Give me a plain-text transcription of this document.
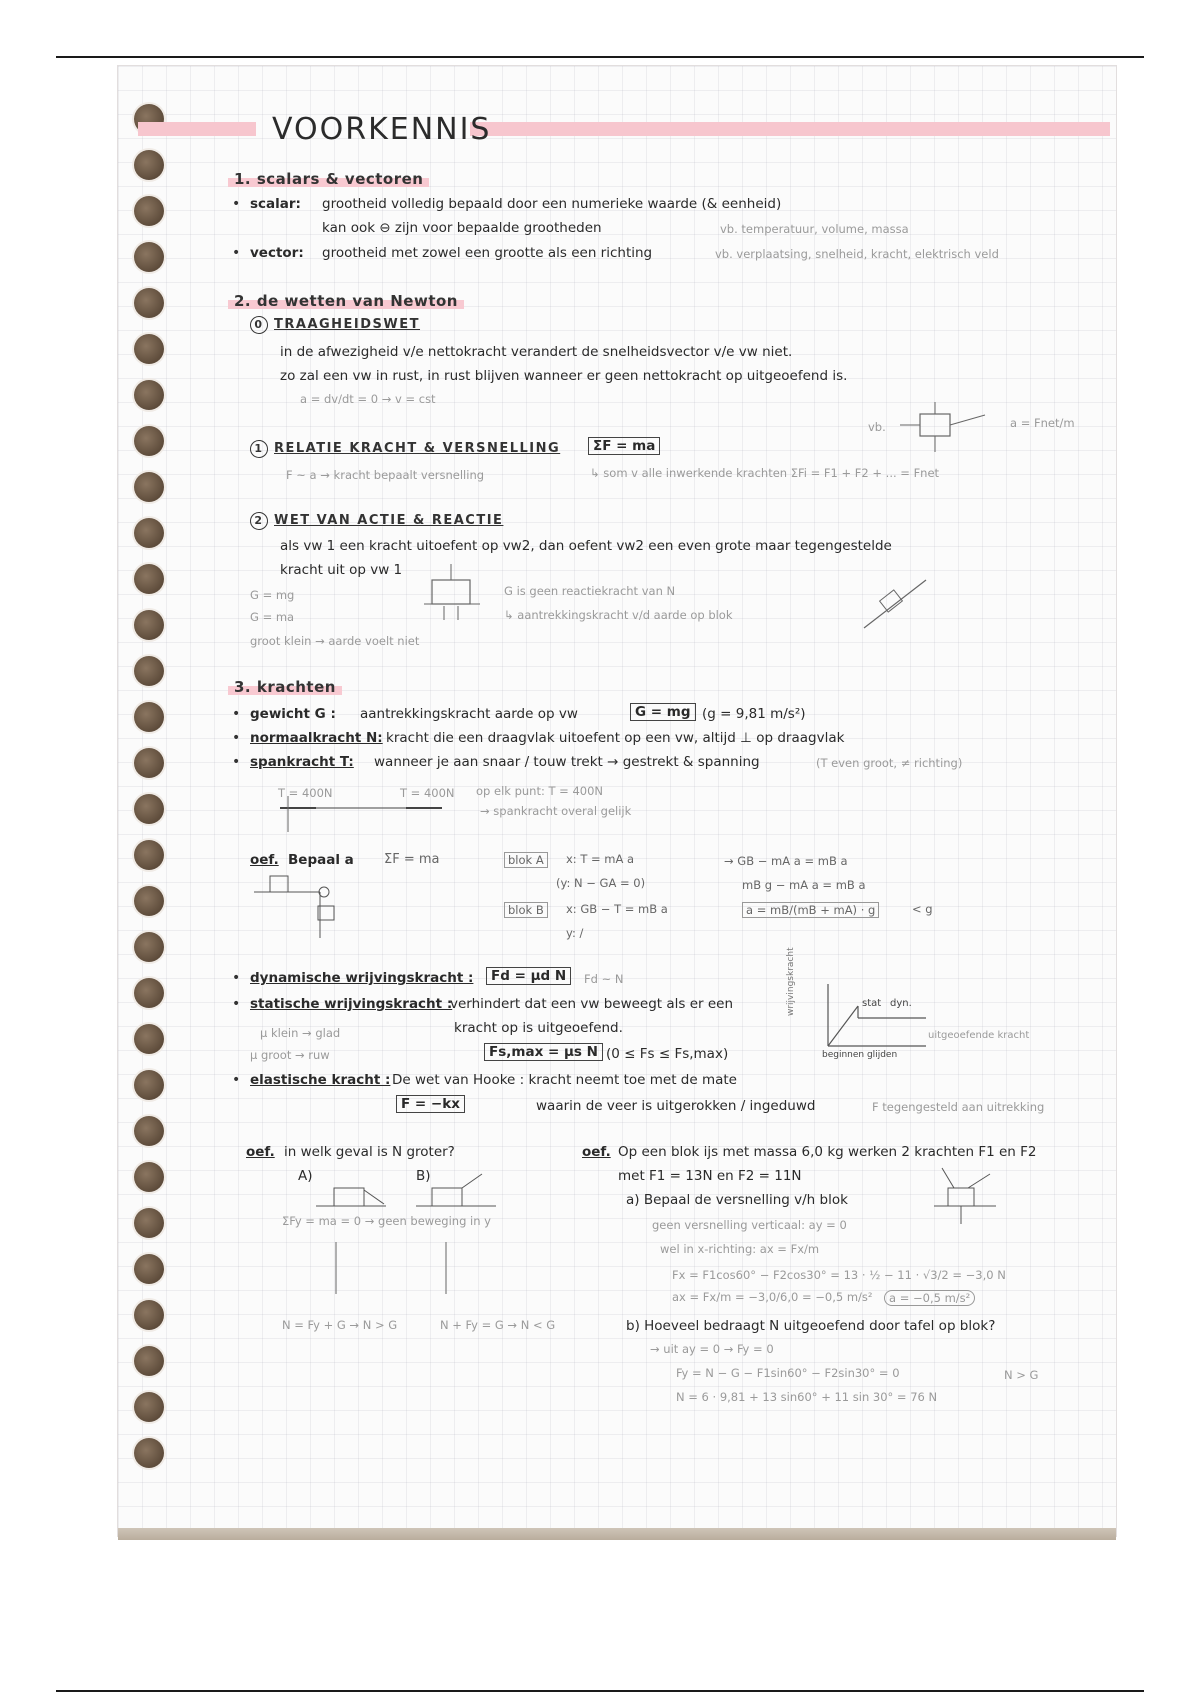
VOORKENNIS
1. scalars & vectoren
• scalar: grootheid volledig bepaald door een numerieke waarde (& eenheid)
kan ook ⊖ zijn voor bepaalde grootheden	vb. temperatuur, volume, massa
• vector: grootheid met zowel een grootte als een richting	vb. verplaatsing, snelheid, kracht, elektrisch veld
2. de wetten van Newton
0 TRAAGHEIDSWET
in de afwezigheid v/e nettokracht verandert de snelheidsvector v/e vw niet.
zo zal een vw in rust, in rust blijven wanneer er geen nettokracht op uitgeoefend is.
a = dv/dt = 0 → v = cst
vb.	a = Fnet/m
1 RELATIE KRACHT & VERSNELLING	ΣF = ma
F ~ a → kracht bepaalt versnelling	↳ som v alle inwerkende krachten ΣFi = F1 + F2 + ... = Fnet
2 WET VAN ACTIE & REACTIE
als vw 1 een kracht uitoefent op vw2, dan oefent vw2 een even grote maar tegengestelde
kracht uit op vw 1
G = mg
G = ma
groot klein → aarde voelt niet
G is geen reactiekracht van N
↳ aantrekkingskracht v/d aarde op blok
3. krachten
• gewicht G : aantrekkingskracht aarde op vw	G = mg (g = 9,81 m/s²)
• normaalkracht N: kracht die een draagvlak uitoefent op een vw, altijd ⊥ op draagvlak
• spankracht T: wanneer je aan snaar / touw trekt → gestrekt & spanning	(T even groot, ≠ richting)
T = 400N	T = 400N op elk punt: T = 400N
→ spankracht overal gelijk
oef. Bepaal a ΣF = ma	blok A	x: T = mA a
(y: N − GA = 0)
blok B	x: GB − T = mB a
y: /
→ GB − mA a = mB a
mB g − mA a = mB a
a = mB/(mB + mA) · g	< g
• dynamische wrijvingskracht :	Fd = μd N	Fd ~ N
• statische wrijvingskracht :
verhindert dat een vw beweegt als er een
kracht op is uitgeoefend.
μ klein → glad
μ groot → ruw	Fs,max = μs N (0 ≤ Fs ≤ Fs,max)
wrijvingskracht	stat dyn.
uitgeoefende kracht
beginnen glijden
• elastische kracht : De wet van Hooke : kracht neemt toe met de mate
F = −kx	waarin de veer is uitgerokken / ingeduwd	F tegengesteld aan uitrekking
oef. in welk geval is N groter?
A)	B)
ΣFy = ma = 0 → geen beweging in y
N = Fy + G → N > G	N + Fy = G → N < G
oef. Op een blok ijs met massa 6,0 kg werken 2 krachten F1 en F2
met F1 = 13N en F2 = 11N
a) Bepaal de versnelling v/h blok
geen versnelling verticaal: ay = 0
wel in x-richting: ax = Fx/m
Fx = F1cos60° − F2cos30° = 13 · ½ − 11 · √3/2 = −3,0 N
ax = Fx/m = −3,0/6,0 = −0,5 m/s²	a = −0,5 m/s²
b) Hoeveel bedraagt N uitgeoefend door tafel op blok?
→ uit ay = 0 → Fy = 0
Fy = N − G − F1sin60° − F2sin30° = 0
N = 6 · 9,81 + 13 sin60° + 11 sin 30° = 76 N
N > G
